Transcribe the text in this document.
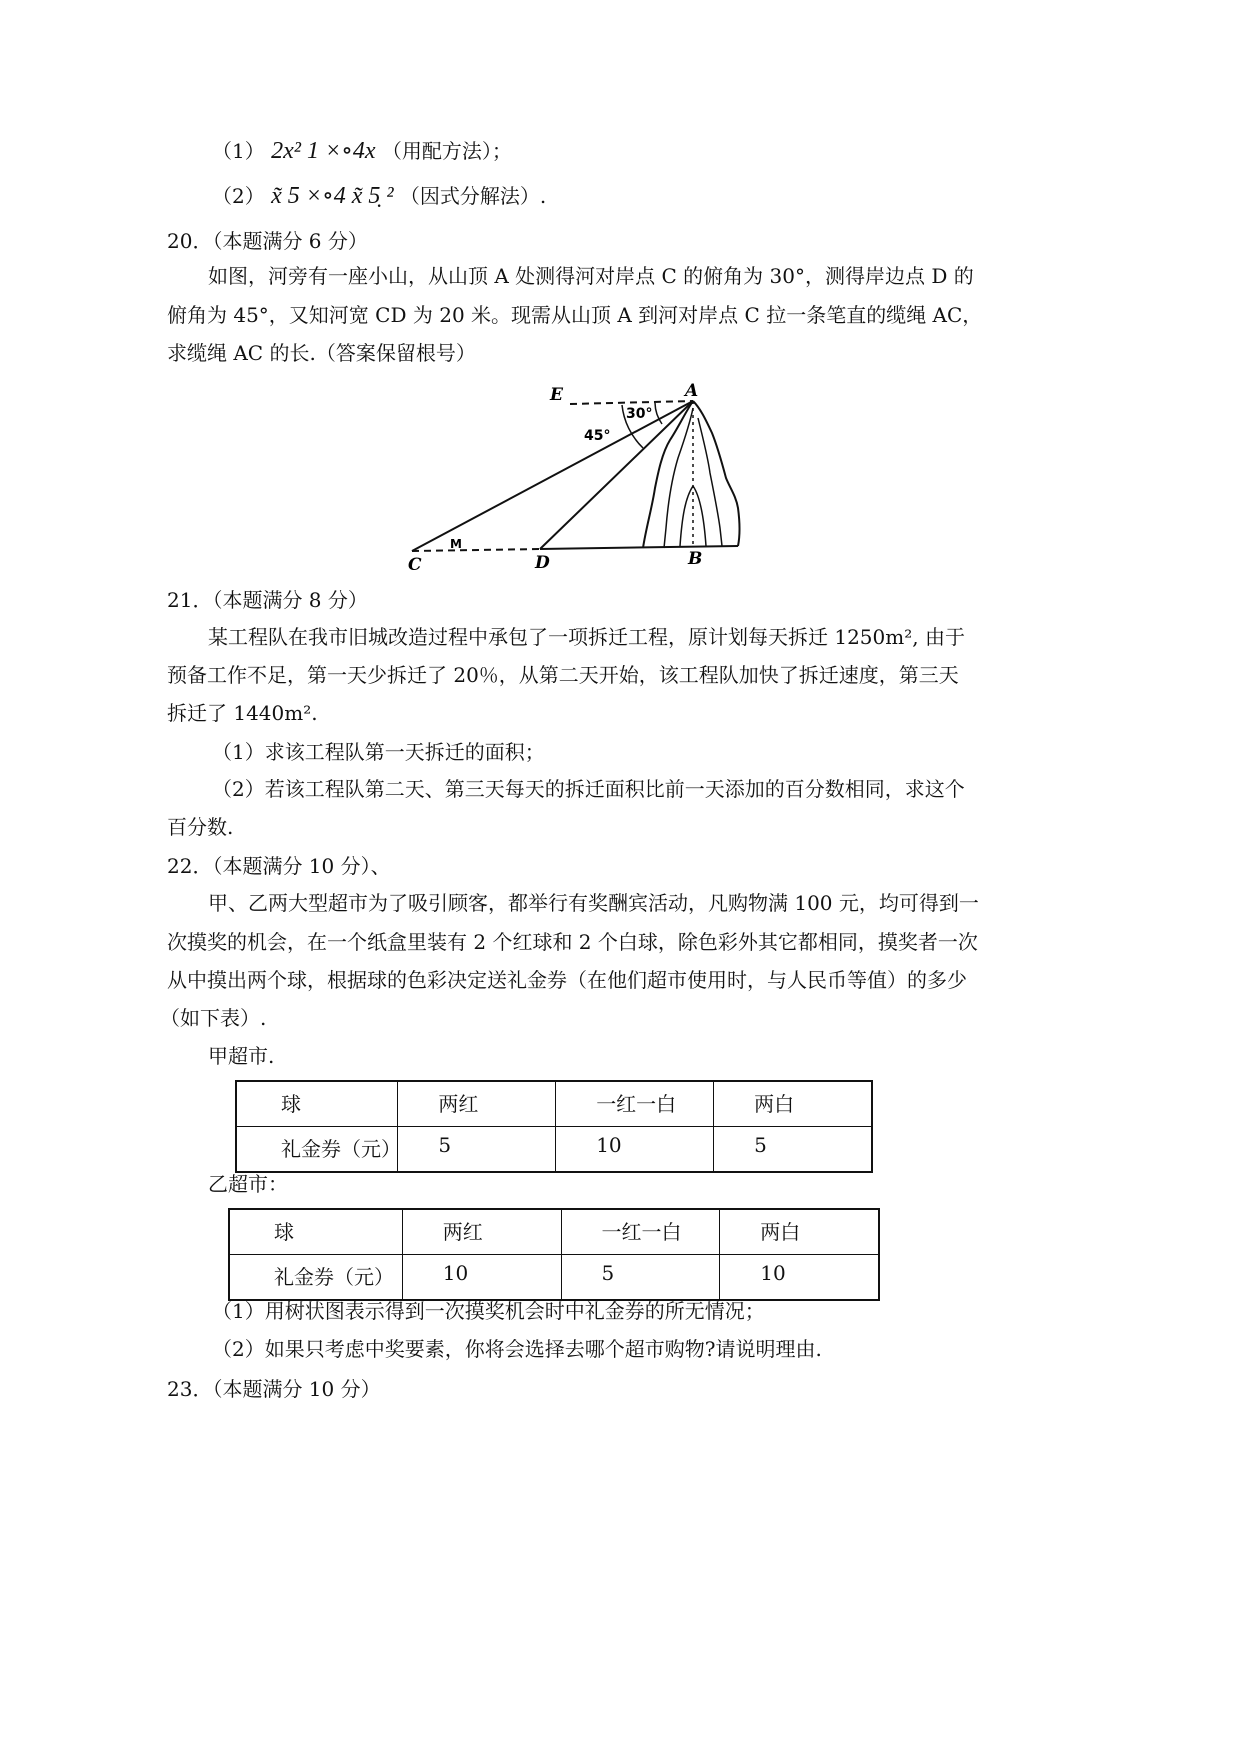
（1） 2x² 1 ×∘4x （用配方法）；
（2） x̃ 5 ×∘4 x̃ 5̣ ² （因式分解法）.
20．（本题满分 6 分）
如图，河旁有一座小山，从山顶 A 处测得河对岸点 C 的俯角为 30°，测得岸边点 D 的
俯角为 45°，又知河宽 CD 为 20 米。现需从山顶 A 到河对岸点 C 拉一条笔直的缆绳 AC，
求缆绳 AC 的长.（答案保留根号）
E	A
C	D	B
30°
45°
M
21．（本题满分 8 分）
某工程队在我市旧城改造过程中承包了一项拆迁工程，原计划每天拆迁 1250m², 由于
预备工作不足，第一天少拆迁了 20％，从第二天开始，该工程队加快了拆迁速度，第三天
拆迁了 1440m².
（1）求该工程队第一天拆迁的面积；
（2）若该工程队第二天、第三天每天的拆迁面积比前一天添加的百分数相同，求这个
百分数.
22．（本题满分 10 分）、
甲、乙两大型超市为了吸引顾客，都举行有奖酬宾活动，凡购物满 100 元，均可得到一
次摸奖的机会，在一个纸盒里装有 2 个红球和 2 个白球，除色彩外其它都相同，摸奖者一次
从中摸出两个球，根据球的色彩决定送礼金券（在他们超市使用时，与人民币等值）的多少
（如下表）.
甲超市.
球	两红	一红一白	两白
礼金券（元）	5	10	5
乙超市：
球	两红	一红一白	两白
礼金券（元）	10	5	10
（1）用树状图表示得到一次摸奖机会时中礼金券的所无情况；
（2）如果只考虑中奖要素，你将会选择去哪个超市购物?请说明理由.
23．（本题满分 10 分）
